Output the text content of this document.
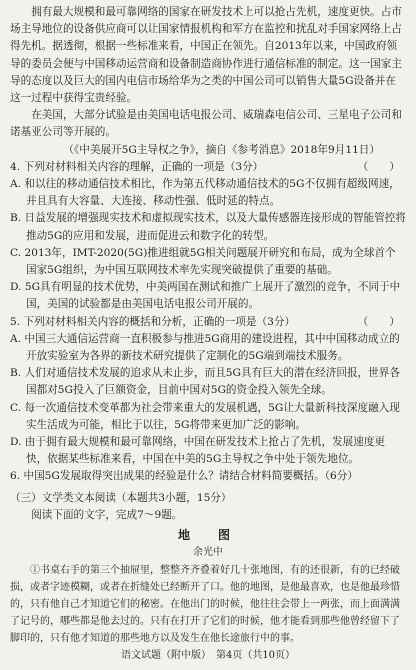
拥有最大规模和最可靠网络的国家在研发技术上可以抢占先机，速度更快。占市场主导地位的设备供应商可以让国家情报机构和军方在监控和扰乱对手国家网络上占得先机。据透彻，根据一些标准来看，中国正在领先。自2013年以来，中国政府领导的委员会便与中国移动运营商和设备制造商协作进行通信标准的制定。这一国家主导的态度以及巨大的国内电信市场给华为之类的中国公司可以销售大量5G设备并在这一过程中获得宝贵经验。

在美国，大部分试验是由美国电话电报公司、威瑞森电信公司、三星电子公司和诺基亚公司等开展的。

（《中美展开5G主导权之争》，摘自《参考消息》2018年9月11日）

4. 下列对材料相关内容的理解，正确的一项是（3分）	（　　）

A. 和以往的移动通信技术相比，作为第五代移动通信技术的5G不仅拥有超级网速，并且具有大容量、大连接、移动性强、低时延的特点。

B. 日益发展的增强现实技术和虚拟现实技术，以及大量传感器连接形成的智能管控将推动5G的应用和发展，进而促进云和数字化的转型。

C. 2013年，IMT-2020(5G)推进组就5G相关问题展开研究和布局，成为全球首个国家5G组织，为中国互联网技术率先实现突破提供了重要的基础。

D. 5G具有明显的技术优势，中美两国在测试和推广上展开了激烈的竞争，不同于中国，美国的试验都是由美国电话电报公司开展的。

5. 下列对材料相关内容的概括和分析，正确的一项是（3分）	（　　）

A. 中国三大通信运营商一直积极参与推进5G商用的建设进程，其中中国移动成立的开放实验室为各界的新技术研究提供了定制化的5G端到端技术服务。

B. 人们对通信技术发展的追求从未止步，而且5G具有巨大的潜在经济回报，世界各国都对5G投入了巨额资金，目前中国对5G的资金投入领先全球。

C. 每一次通信技术变革都为社会带来重大的发展机遇，5G让大量新科技深度融入现实生活成为可能，相比于以往，5G将带来更加广泛的影响。

D. 由于拥有最大规模和最可靠网络，中国在研发技术上抢占了先机，发展速度更快，依据某些标准来看，中国在中美的5G主导权之争中处于领先地位。

6. 中国5G发展取得突出成果的经验是什么？请结合材料简要概括。（6分）

（三）文学类文本阅读（本题共3小题，15分）

阅读下面的文字，完成7～9题。

地　图

余光中

①书桌右手的第三个抽屉里，整整齐齐叠着好几十张地图，有的还很新，有的已经破损，或者字迹模糊，或者在折缝处已经断开了口。他的地图，是他最喜欢，也是他最珍惜的，只有他自己才知道它们的秘密。在他出门的时候，他往往会带上一两张，而上面满满了记号的，哪些都是他去过的。只有在打开了它们的时候，他才能看到那些他曾经留下了脚印的，只有他才知道的那些地方以及发生在他长途旅行中的事。

语文试题（附中版）　第4页（共10页）
